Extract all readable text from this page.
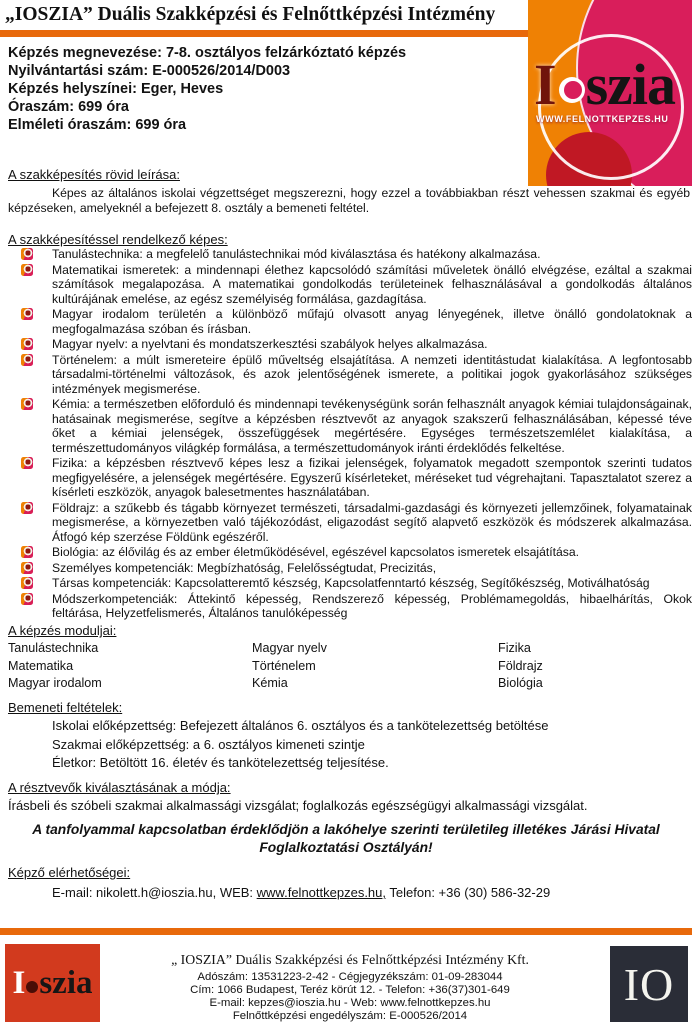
„IOSZIA” Duális Szakképzési és Felnőttképzési Intézmény
I szia
WWW.FELNOTTKEPZES.HU
Képzés megnevezése: 7-8. osztályos felzárkóztató képzés
Nyilvántartási szám: E-000526/2014/D003
Képzés helyszínei: Eger, Heves
Óraszám: 699 óra
Elméleti óraszám: 699 óra
A szakképesítés rövid leírása:
Képes az általános iskolai végzettséget megszerezni, hogy ezzel a továbbiakban részt vehessen szakmai és egyéb képzéseken, amelyeknél a befejezett 8. osztály a bemeneti feltétel.
A szakképesítéssel rendelkező képes:
Tanulástechnika: a megfelelő tanulástechnikai mód kiválasztása és hatékony alkalmazása.
Matematikai ismeretek: a mindennapi élethez kapcsolódó számítási műveletek önálló elvégzése, ezáltal a szakmai számítások megalapozása. A matematikai gondolkodás területeinek felhasználásával a gondolkodás általános kultúrájának emelése, az egész személyiség formálása, gazdagítása.
Magyar irodalom területén a különböző műfajú olvasott anyag lényegének, illetve önálló gondolatoknak a megfogalmazása szóban és írásban.
Magyar nyelv: a nyelvtani és mondatszerkesztési szabályok helyes alkalmazása.
Történelem: a múlt ismereteire épülő műveltség elsajátítása. A nemzeti identitástudat kialakítása. A legfontosabb társadalmi-történelmi változások, és azok jelentőségének ismerete, a politikai jogok gyakorlásához szükséges intézmények megismerése.
Kémia: a természetben előforduló és mindennapi tevékenységünk során felhasznált anyagok kémiai tulajdonságainak, hatásainak megismerése, segítve a képzésben résztvevőt az anyagok szakszerű felhasználásában, képessé téve őket a kémiai jelenségek, összefüggések megértésére. Egységes természetszemlélet kialakítása, a természettudományos világkép formálása, a természettudományok iránti érdeklődés felkeltése.
Fizika: a képzésben résztvevő képes lesz a fizikai jelenségek, folyamatok megadott szempontok szerinti tudatos megfigyelésére, a jelenségek megértésére. Egyszerű kísérleteket, méréseket tud végrehajtani. Tapasztalatot szerez a kísérleti eszközök, anyagok balesetmentes használatában.
Földrajz: a szűkebb és tágabb környezet természeti, társadalmi-gazdasági és környezeti jellemzőinek, folyamatainak megismerése, a környezetben való tájékozódást, eligazodást segítő alapvető eszközök és módszerek alkalmazása. Átfogó kép szerzése Földünk egészéről.
Biológia: az élővilág és az ember életműködésével, egészével kapcsolatos ismeretek elsajátítása.
Személyes kompetenciák: Megbízhatóság, Felelősségtudat, Precizitás,
Társas kompetenciák: Kapcsolatteremtő készség, Kapcsolatfenntartó készség, Segítőkészség, Motiválhatóság
Módszerkompetenciák: Áttekintő képesség, Rendszerező képesség, Problémamegoldás, hibaelhárítás, Okok feltárása, Helyzetfelismerés, Általános tanulóképesség
A képzés moduljai:
Tanulástechnika
Matematika
Magyar irodalom
Magyar nyelv
Történelem
Kémia
Fizika
Földrajz
Biológia
Bemeneti feltételek:
Iskolai előképzettség: Befejezett általános 6. osztályos és a tankötelezettség betöltése
Szakmai előképzettség: a 6. osztályos kimeneti szintje
Életkor: Betöltött 16. életév és tankötelezettség teljesítése.
A résztvevők kiválasztásának a módja:
Írásbeli és szóbeli szakmai alkalmassági vizsgálat; foglalkozás egészségügyi alkalmassági vizsgálat.
A tanfolyammal kapcsolatban érdeklődjön a lakóhelye szerinti területileg illetékes Járási Hivatal Foglalkoztatási Osztályán!
Képző elérhetőségei:
E-mail: nikolett.h@ioszia.hu, WEB: www.felnottkepzes.hu, Telefon: +36 (30) 586-32-29
I szia
„ IOSZIA” Duális Szakképzési és Felnőttképzési Intézmény Kft.
Adószám: 13531223-2-42 - Cégjegyzékszám: 01-09-283044
Cím: 1066 Budapest, Teréz körút 12. - Telefon: +36(37)301-649
E-mail: kepzes@ioszia.hu - Web: www.felnottkepzes.hu
Felnőttképzési engedélyszám: E-000526/2014
IO
